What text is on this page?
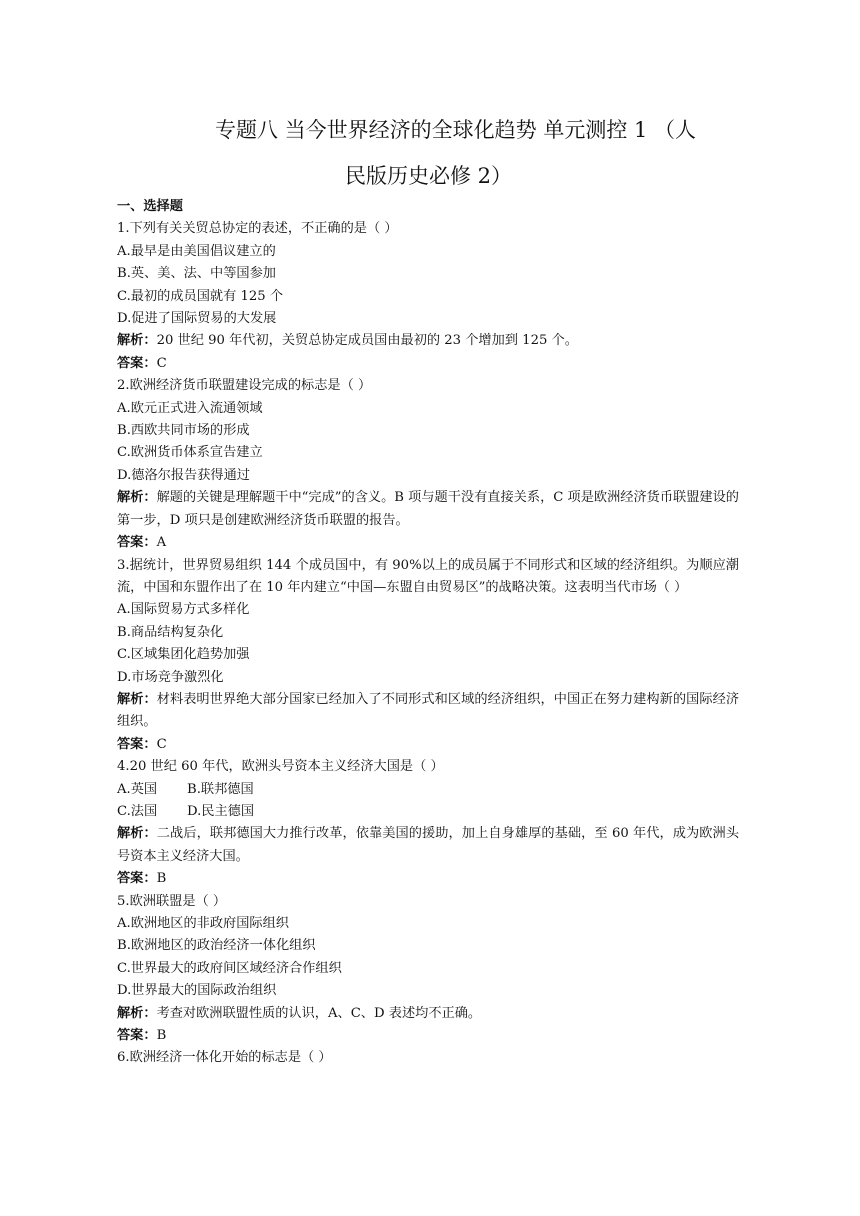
专题八 当今世界经济的全球化趋势 单元测控 1 （人
民版历史必修 2）

一、选择题

1.下列有关关贸总协定的表述，不正确的是（ ）

A.最早是由美国倡议建立的

B.英、美、法、中等国参加

C.最初的成员国就有 125 个

D.促进了国际贸易的大发展

解析：20 世纪 90 年代初，关贸总协定成员国由最初的 23 个增加到 125 个。

答案：C

2.欧洲经济货币联盟建设完成的标志是（ ）

A.欧元正式进入流通领域

B.西欧共同市场的形成

C.欧洲货币体系宣告建立

D.德洛尔报告获得通过

解析：解题的关键是理解题干中“完成”的含义。B 项与题干没有直接关系，C 项是欧洲经济货币联盟建设的第一步，D 项只是创建欧洲经济货币联盟的报告。

答案：A

3.据统计，世界贸易组织 144 个成员国中，有 90%以上的成员属于不同形式和区域的经济组织。为顺应潮流，中国和东盟作出了在 10 年内建立“中国—东盟自由贸易区”的战略决策。这表明当代市场（ ）

A.国际贸易方式多样化

B.商品结构复杂化

C.区域集团化趋势加强

D.市场竞争激烈化

解析：材料表明世界绝大部分国家已经加入了不同形式和区域的经济组织，中国正在努力建构新的国际经济组织。

答案：C

4.20 世纪 60 年代，欧洲头号资本主义经济大国是（ ）

A.英国 B.联邦德国

C.法国 D.民主德国

解析：二战后，联邦德国大力推行改革，依靠美国的援助，加上自身雄厚的基础，至 60 年代，成为欧洲头号资本主义经济大国。

答案：B

5.欧洲联盟是（ ）

A.欧洲地区的非政府国际组织

B.欧洲地区的政治经济一体化组织

C.世界最大的政府间区域经济合作组织

D.世界最大的国际政治组织

解析：考查对欧洲联盟性质的认识，A、C、D 表述均不正确。

答案：B

6.欧洲经济一体化开始的标志是（ ）
